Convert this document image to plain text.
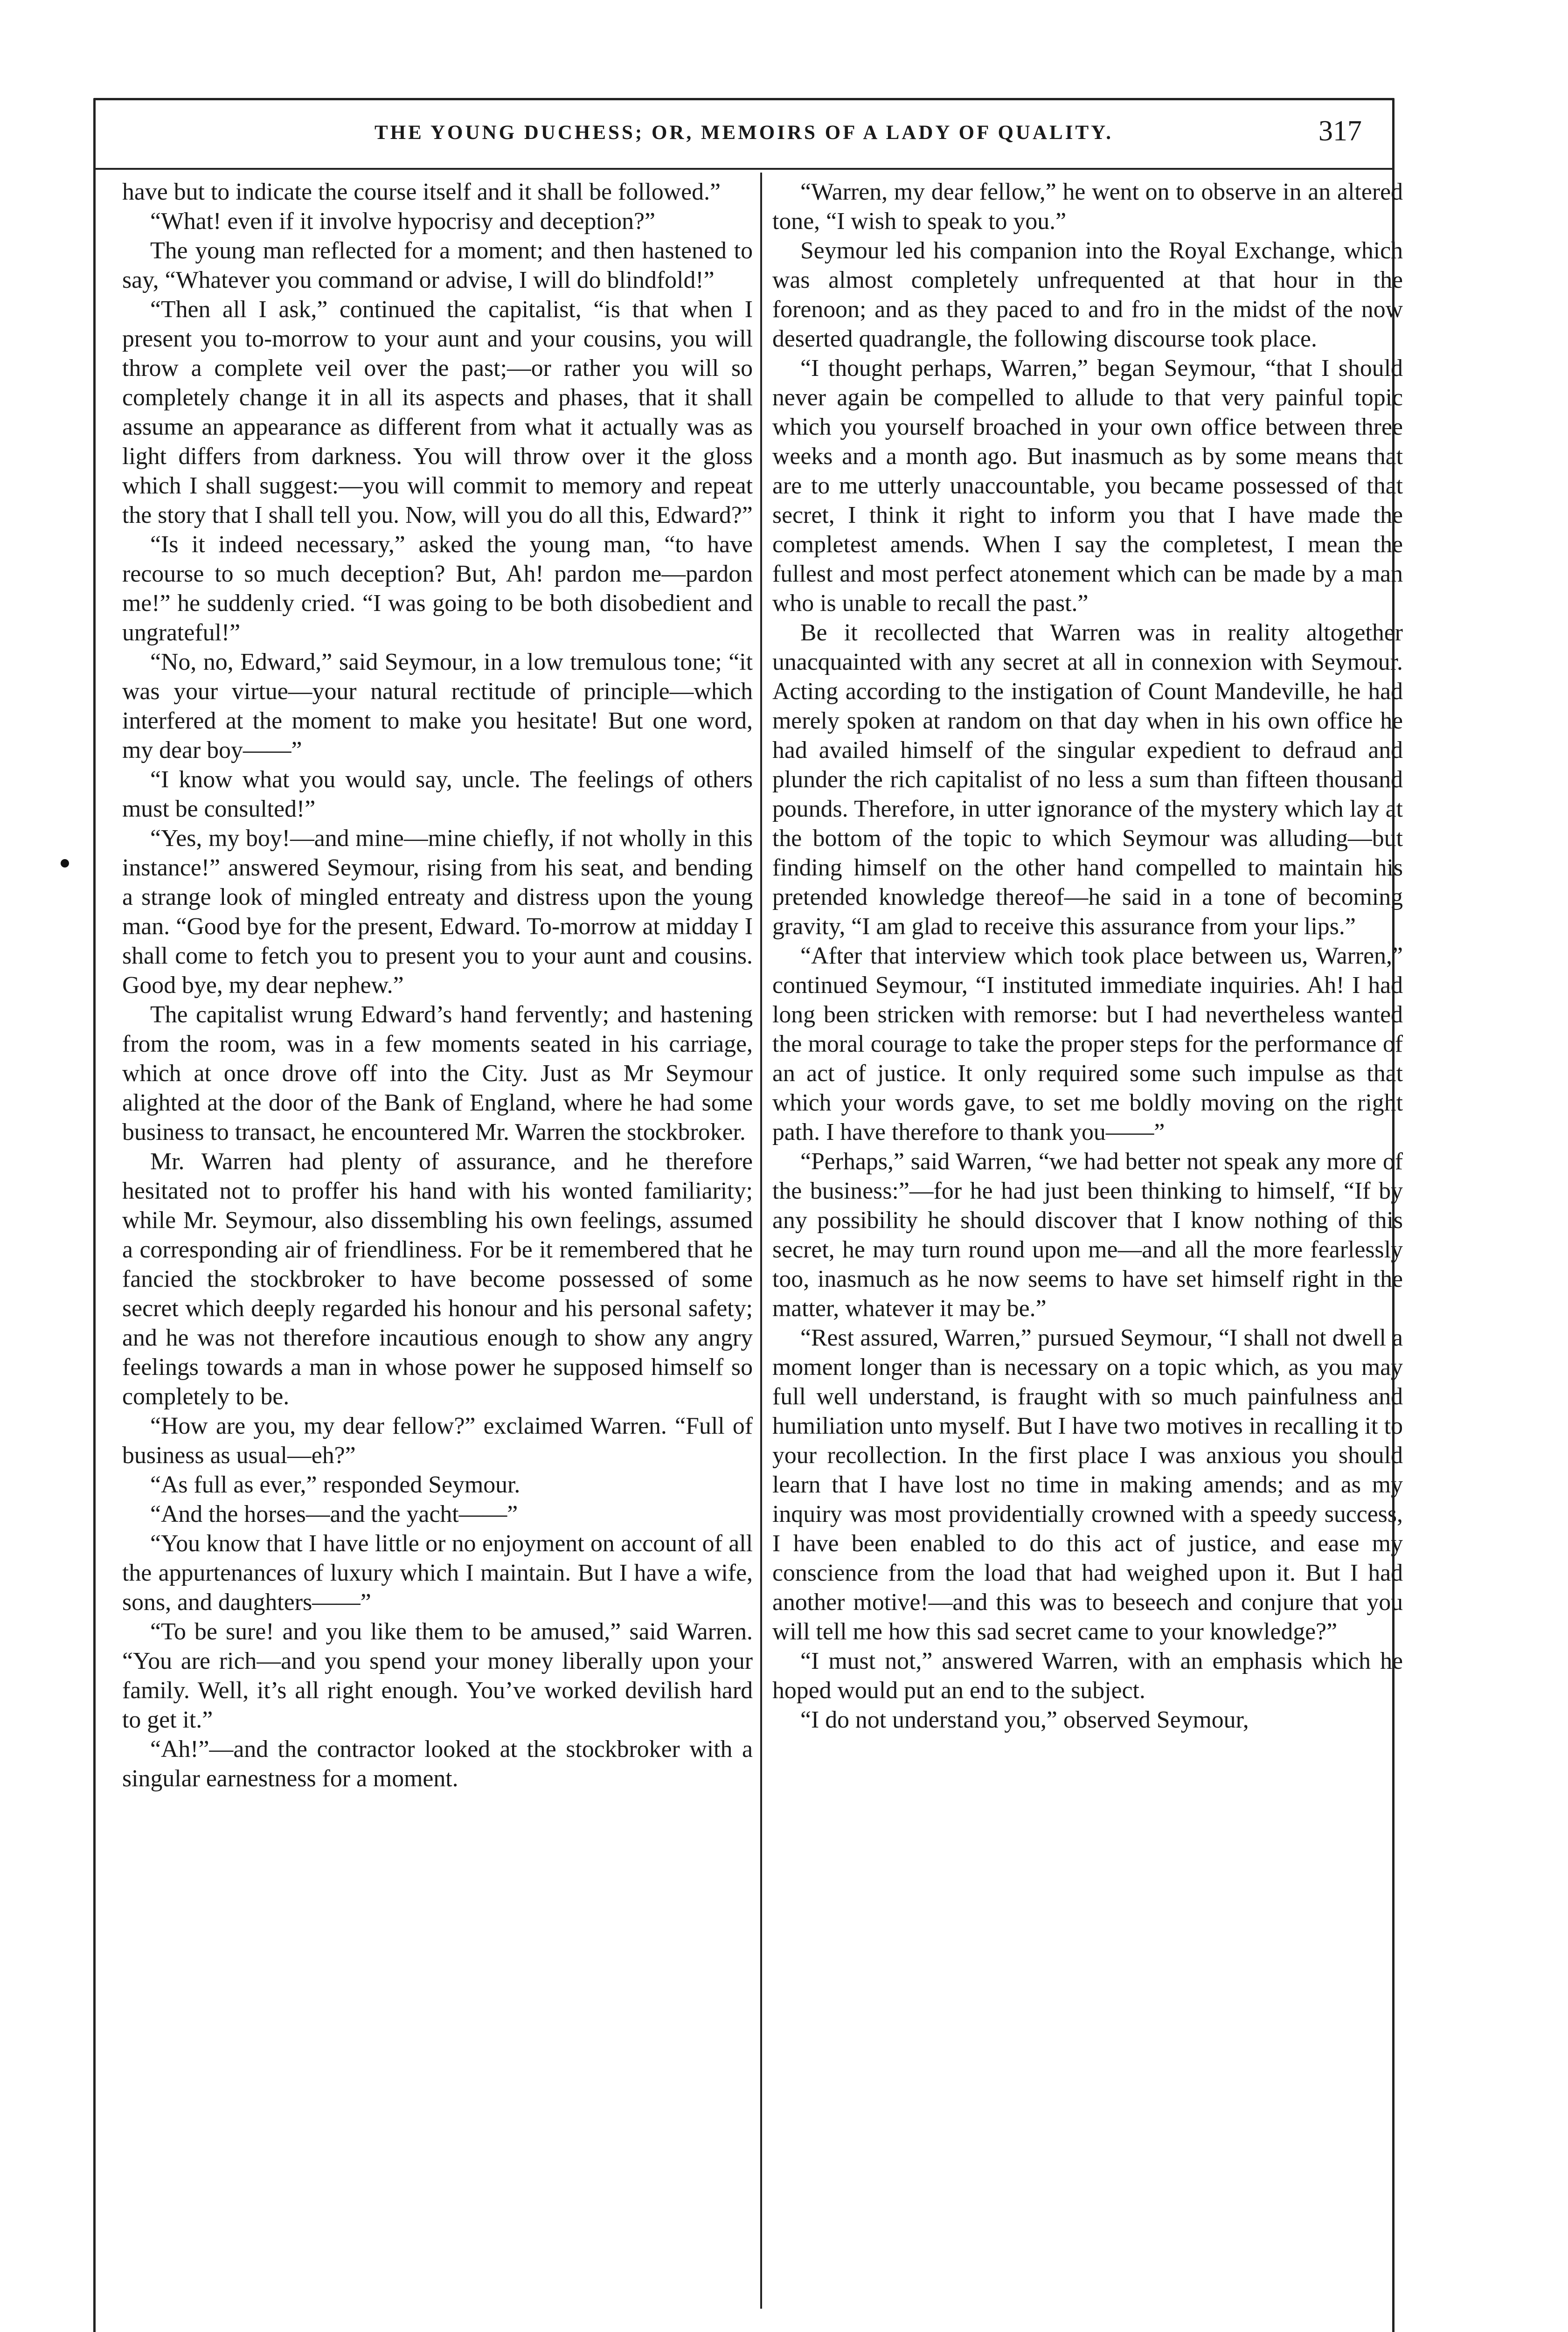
THE YOUNG DUCHESS; OR, MEMOIRS OF A LADY OF QUALITY.	317

have but to indicate the course itself and it shall be followed.”

“What! even if it involve hypocrisy and deception?”

The young man reflected for a moment; and then hastened to say, “Whatever you command or advise, I will do blindfold!”

“Then all I ask,” continued the capitalist, “is that when I present you to-morrow to your aunt and your cousins, you will throw a complete veil over the past;—or rather you will so completely change it in all its aspects and phases, that it shall assume an appearance as different from what it actually was as light differs from darkness. You will throw over it the gloss which I shall suggest:—you will commit to memory and repeat the story that I shall tell you. Now, will you do all this, Edward?”

“Is it indeed necessary,” asked the young man, “to have recourse to so much deception? But, Ah! pardon me—pardon me!” he suddenly cried. “I was going to be both disobedient and ungrateful!”

“No, no, Edward,” said Seymour, in a low tremulous tone; “it was your virtue—your natural rectitude of principle—which interfered at the moment to make you hesitate! But one word, my dear boy——”

“I know what you would say, uncle. The feelings of others must be consulted!”

“Yes, my boy!—and mine—mine chiefly, if not wholly in this instance!” answered Seymour, rising from his seat, and bending a strange look of mingled entreaty and distress upon the young man. “Good bye for the present, Edward. To-morrow at midday I shall come to fetch you to present you to your aunt and cousins. Good bye, my dear nephew.”

The capitalist wrung Edward’s hand fervently; and hastening from the room, was in a few moments seated in his carriage, which at once drove off into the City. Just as Mr Seymour alighted at the door of the Bank of England, where he had some business to transact, he encountered Mr. Warren the stockbroker.

Mr. Warren had plenty of assurance, and he therefore hesitated not to proffer his hand with his wonted familiarity; while Mr. Seymour, also dissembling his own feelings, assumed a corresponding air of friendliness. For be it remembered that he fancied the stockbroker to have become possessed of some secret which deeply regarded his honour and his personal safety; and he was not therefore incautious enough to show any angry feelings towards a man in whose power he supposed himself so completely to be.

“How are you, my dear fellow?” exclaimed Warren. “Full of business as usual—eh?”

“As full as ever,” responded Seymour.

“And the horses—and the yacht——”

“You know that I have little or no enjoyment on account of all the appurtenances of luxury which I maintain. But I have a wife, sons, and daughters——”

“To be sure! and you like them to be amused,” said Warren. “You are rich—and you spend your money liberally upon your family. Well, it’s all right enough. You’ve worked devilish hard to get it.”

“Ah!”—and the contractor looked at the stockbroker with a singular earnestness for a moment.

“Warren, my dear fellow,” he went on to observe in an altered tone, “I wish to speak to you.”

Seymour led his companion into the Royal Exchange, which was almost completely unfrequented at that hour in the forenoon; and as they paced to and fro in the midst of the now deserted quadrangle, the following discourse took place.

“I thought perhaps, Warren,” began Seymour, “that I should never again be compelled to allude to that very painful topic which you yourself broached in your own office between three weeks and a month ago. But inasmuch as by some means that are to me utterly unaccountable, you became possessed of that secret, I think it right to inform you that I have made the completest amends. When I say the completest, I mean the fullest and most perfect atonement which can be made by a man who is unable to recall the past.”

Be it recollected that Warren was in reality altogether unacquainted with any secret at all in connexion with Seymour. Acting according to the instigation of Count Mandeville, he had merely spoken at random on that day when in his own office he had availed himself of the singular expedient to defraud and plunder the rich capitalist of no less a sum than fifteen thousand pounds. Therefore, in utter ignorance of the mystery which lay at the bottom of the topic to which Seymour was alluding—but finding himself on the other hand compelled to maintain his pretended knowledge thereof—he said in a tone of becoming gravity, “I am glad to receive this assurance from your lips.”

“After that interview which took place between us, Warren,” continued Seymour, “I instituted immediate inquiries. Ah! I had long been stricken with remorse: but I had nevertheless wanted the moral courage to take the proper steps for the performance of an act of justice. It only required some such impulse as that which your words gave, to set me boldly moving on the right path. I have therefore to thank you——”

“Perhaps,” said Warren, “we had better not speak any more of the business:”—for he had just been thinking to himself, “If by any possibility he should discover that I know nothing of this secret, he may turn round upon me—and all the more fearlessly too, inasmuch as he now seems to have set himself right in the matter, whatever it may be.”

“Rest assured, Warren,” pursued Seymour, “I shall not dwell a moment longer than is necessary on a topic which, as you may full well understand, is fraught with so much painfulness and humiliation unto myself. But I have two motives in recalling it to your recollection. In the first place I was anxious you should learn that I have lost no time in making amends; and as my inquiry was most providentially crowned with a speedy success, I have been enabled to do this act of justice, and ease my conscience from the load that had weighed upon it. But I had another motive!—and this was to beseech and conjure that you will tell me how this sad secret came to your knowledge?”

“I must not,” answered Warren, with an emphasis which he hoped would put an end to the subject.

“I do not understand you,” observed Seymour,
